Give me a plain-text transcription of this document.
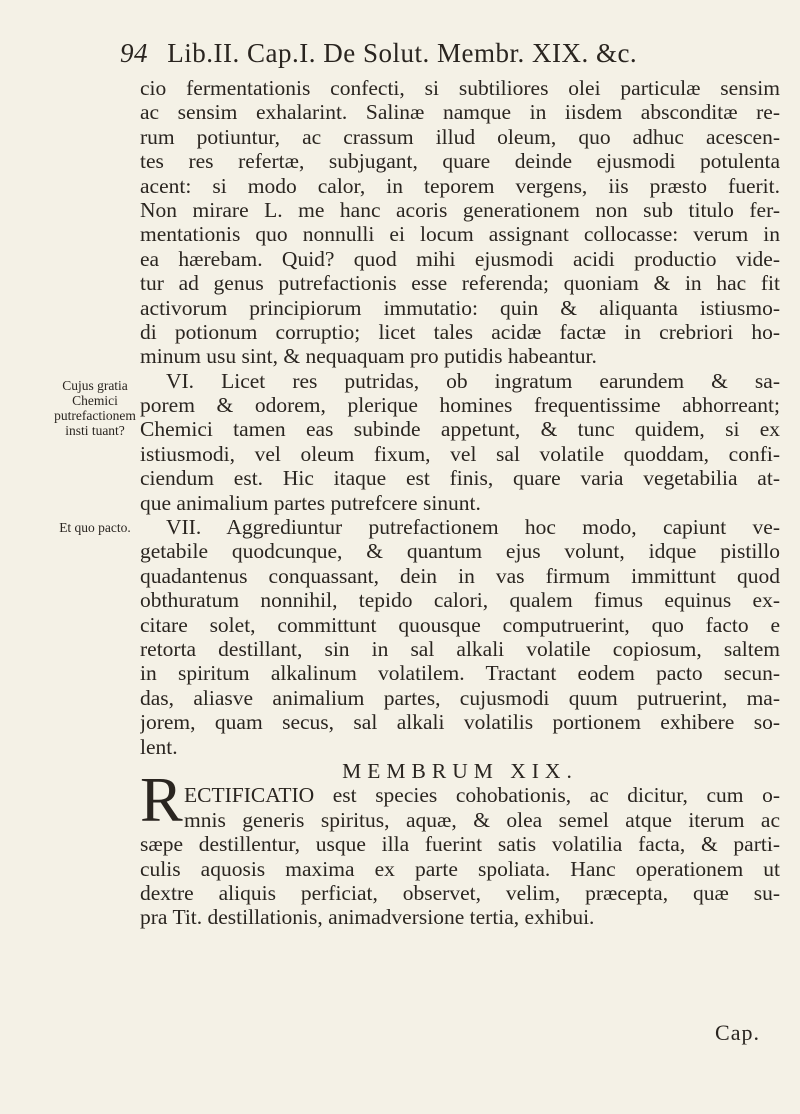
94 Lib.II. Cap.I. De Solut. Membr. XIX. &c.
Cujus gratia Chemici putrefactionem insti tuant?
Et quo pacto.
cio fermentationis confecti, si subtiliores olei particulæ sensim
ac sensim exhalarint. Salinæ namque in iisdem absconditæ re-
rum potiuntur, ac crassum illud oleum, quo adhuc acescen-
tes res refertæ, subjugant, quare deinde ejusmodi potulenta
acent: si modo calor, in teporem vergens, iis præsto fuerit.
Non mirare L. me hanc acoris generationem non sub titulo fer-
mentationis quo nonnulli ei locum assignant collocasse: verum in
ea hærebam. Quid? quod mihi ejusmodi acidi productio vide-
tur ad genus putrefactionis esse referenda; quoniam & in hac fit
activorum principiorum immutatio: quin & aliquanta istiusmo-
di potionum corruptio; licet tales acidæ factæ in crebriori ho-
minum usu sint, & nequaquam pro putidis habeantur.
VI. Licet res putridas, ob ingratum earundem & sa-
porem & odorem, plerique homines frequentissime abhorreant;
Chemici tamen eas subinde appetunt, & tunc quidem, si ex
istiusmodi, vel oleum fixum, vel sal volatile quoddam, confi-
ciendum est. Hic itaque est finis, quare varia vegetabilia at-
que animalium partes putrefcere sinunt.
VII. Aggrediuntur putrefactionem hoc modo, capiunt ve-
getabile quodcunque, & quantum ejus volunt, idque pistillo
quadantenus conquassant, dein in vas firmum immittunt quod
obthuratum nonnihil, tepido calori, qualem fimus equinus ex-
citare solet, committunt quousque computruerint, quo facto e
retorta destillant, sin in sal alkali volatile copiosum, saltem
in spiritum alkalinum volatilem. Tractant eodem pacto secun-
das, aliasve animalium partes, cujusmodi quum putruerint, ma-
jorem, quam secus, sal alkali volatilis portionem exhibere so-
lent.
MEMBRUM XIX.
ECTIFICATIO est species cohobationis, ac dicitur, cum o-
mnis generis spiritus, aquæ, & olea semel atque iterum ac
sæpe destillentur, usque illa fuerint satis volatilia facta, & parti-
culis aquosis maxima ex parte spoliata. Hanc operationem ut
dextre aliquis perficiat, observet, velim, præcepta, quæ su-
pra Tit. destillationis, animadversione tertia, exhibui.
R
Cap.
